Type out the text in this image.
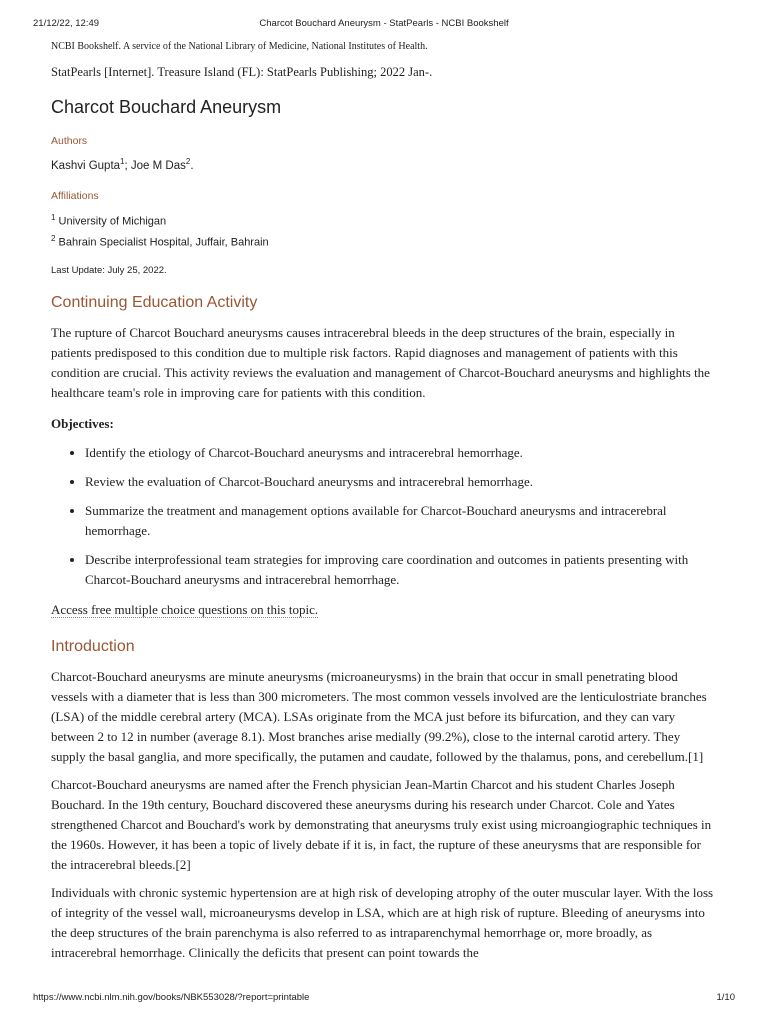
21/12/22, 12:49	Charcot Bouchard Aneurysm - StatPearls - NCBI Bookshelf

NCBI Bookshelf. A service of the National Library of Medicine, National Institutes of Health.

StatPearls [Internet]. Treasure Island (FL): StatPearls Publishing; 2022 Jan-.

Charcot Bouchard Aneurysm
Authors
Kashvi Gupta$^1$; Joe M Das$^2$.
Affiliations

$^1$ University of Michigan

$^2$ Bahrain Specialist Hospital, Juffair, Bahrain

Last Update: July 25, 2022.
Continuing Education Activity

The rupture of Charcot Bouchard aneurysms causes intracerebral bleeds in the deep structures of the brain, especially in patients predisposed to this condition due to multiple risk factors. Rapid diagnoses and management of patients with this condition are crucial. This activity reviews the evaluation and management of Charcot-Bouchard aneurysms and highlights the healthcare team's role in improving care for patients with this condition.

Objectives:

• Identify the etiology of Charcot-Bouchard aneurysms and intracerebral hemorrhage.
• Review the evaluation of Charcot-Bouchard aneurysms and intracerebral hemorrhage.
• Summarize the treatment and management options available for Charcot-Bouchard aneurysms and intracerebral hemorrhage.
• Describe interprofessional team strategies for improving care coordination and outcomes in patients presenting with Charcot-Bouchard aneurysms and intracerebral hemorrhage.
Access free multiple choice questions on this topic.
Introduction

Charcot-Bouchard aneurysms are minute aneurysms (microaneurysms) in the brain that occur in small penetrating blood vessels with a diameter that is less than 300 micrometers. The most common vessels involved are the lenticulostriate branches (LSA) of the middle cerebral artery (MCA). LSAs originate from the MCA just before its bifurcation, and they can vary between 2 to 12 in number (average 8.1). Most branches arise medially (99.2%), close to the internal carotid artery. They supply the basal ganglia, and more specifically, the putamen and caudate, followed by the thalamus, pons, and cerebellum.[1]

Charcot-Bouchard aneurysms are named after the French physician Jean-Martin Charcot and his student Charles Joseph Bouchard. In the 19th century, Bouchard discovered these aneurysms during his research under Charcot. Cole and Yates strengthened Charcot and Bouchard's work by demonstrating that aneurysms truly exist using microangiographic techniques in the 1960s. However, it has been a topic of lively debate if it is, in fact, the rupture of these aneurysms that are responsible for the intracerebral bleeds.[2]

Individuals with chronic systemic hypertension are at high risk of developing atrophy of the outer muscular layer. With the loss of integrity of the vessel wall, microaneurysms develop in LSA, which are at high risk of rupture. Bleeding of aneurysms into the deep structures of the brain parenchyma is also referred to as intraparenchymal hemorrhage or, more broadly, as intracerebral hemorrhage. Clinically the deficits that present can point towards the

https://www.ncbi.nlm.nih.gov/books/NBK553028/?report=printable	1/10
